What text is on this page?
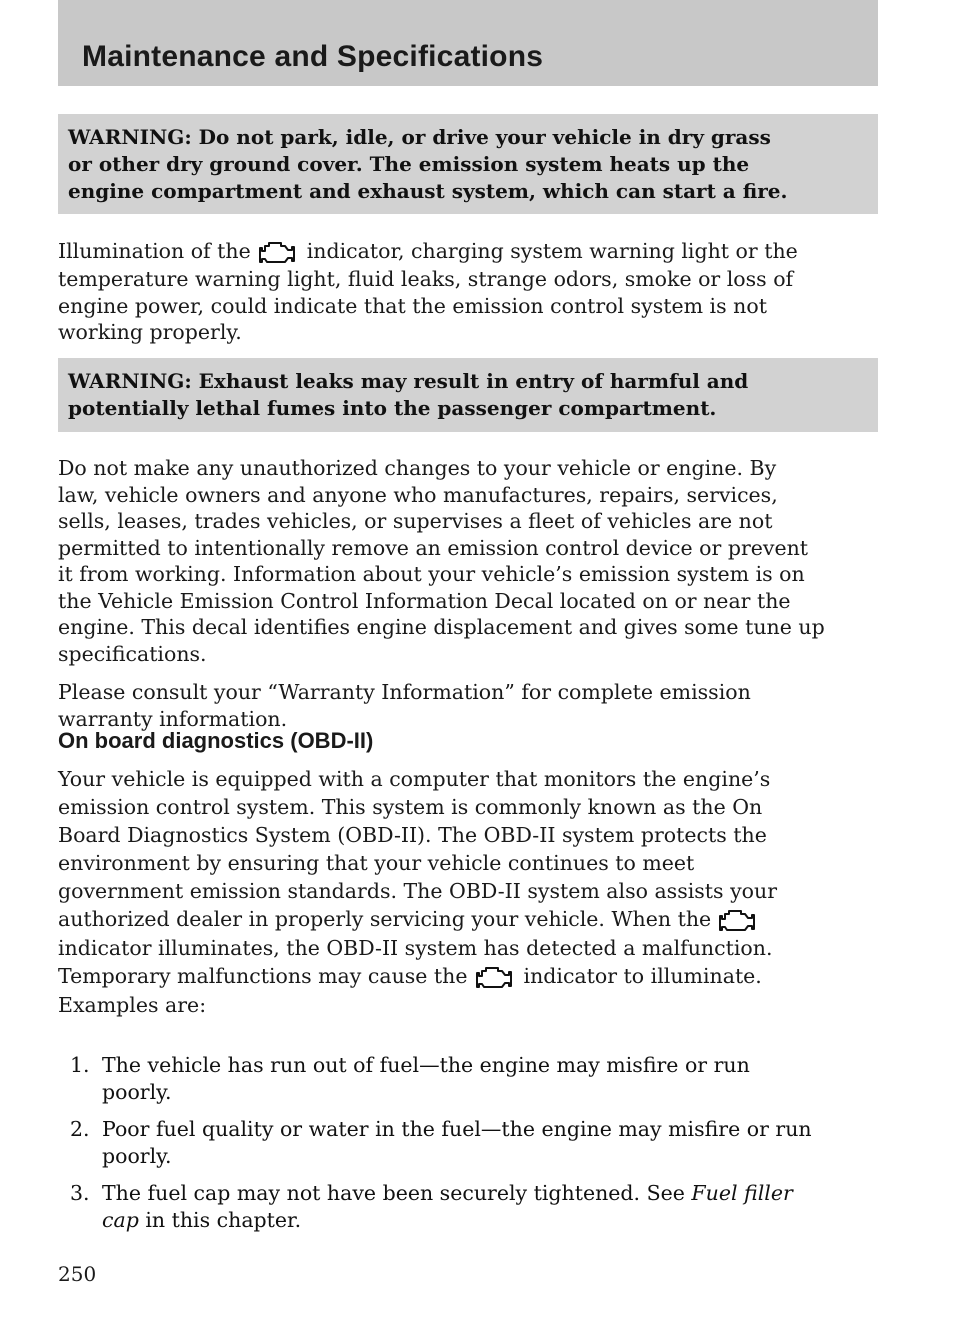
Maintenance and Specifications
WARNING: Do not park, idle, or drive your vehicle in dry grass
or other dry ground cover. The emission system heats up the
engine compartment and exhaust system, which can start a fire.
Illumination of the	indicator, charging system warning light or the
temperature warning light, fluid leaks, strange odors, smoke or loss of
engine power, could indicate that the emission control system is not
working properly.
WARNING: Exhaust leaks may result in entry of harmful and
potentially lethal fumes into the passenger compartment.
Do not make any unauthorized changes to your vehicle or engine. By
law, vehicle owners and anyone who manufactures, repairs, services,
sells, leases, trades vehicles, or supervises a fleet of vehicles are not
permitted to intentionally remove an emission control device or prevent
it from working. Information about your vehicle’s emission system is on
the Vehicle Emission Control Information Decal located on or near the
engine. This decal identifies engine displacement and gives some tune up
specifications.
Please consult your “Warranty Information” for complete emission
warranty information.
On board diagnostics (OBD-II)
Your vehicle is equipped with a computer that monitors the engine’s
emission control system. This system is commonly known as the On
Board Diagnostics System (OBD-II). The OBD-II system protects the
environment by ensuring that your vehicle continues to meet
government emission standards. The OBD-II system also assists your
authorized dealer in properly servicing your vehicle. When the
indicator illuminates, the OBD-II system has detected a malfunction.
Temporary malfunctions may cause the	indicator to illuminate.
Examples are:
1. The vehicle has run out of fuel—the engine may misfire or run
poorly.
2. Poor fuel quality or water in the fuel—the engine may misfire or run
poorly.
3. The fuel cap may not have been securely tightened. See Fuel filler
cap in this chapter.
250
